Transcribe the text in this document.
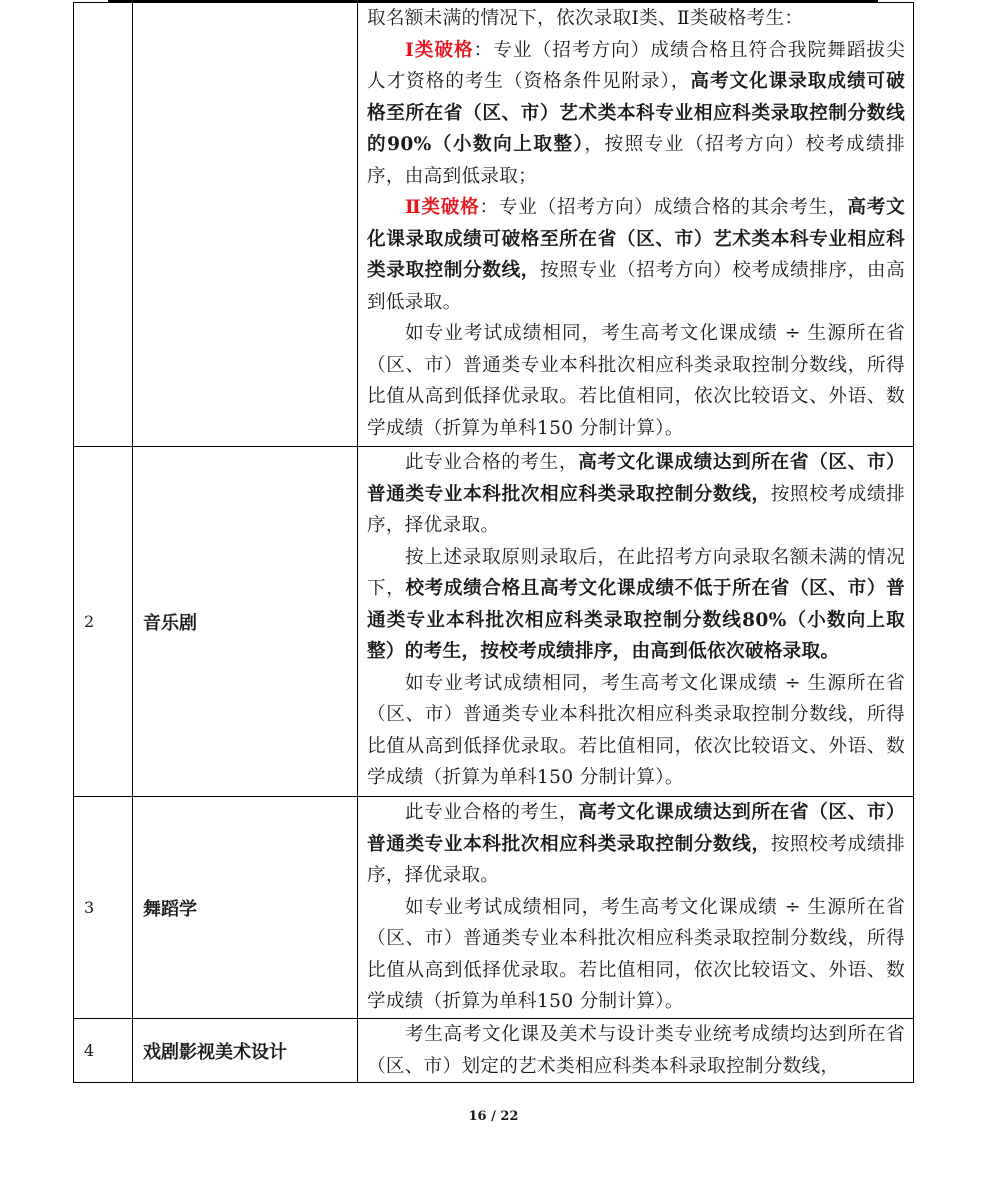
		取名额未满的情况下，依次录取Ⅰ类、Ⅱ类破格考生：

Ⅰ类破格：专业（招考方向）成绩合格且符合我院舞蹈拔尖人才资格的考生（资格条件见附录），高考文化课录取成绩可破格至所在省（区、市）艺术类本科专业相应科类录取控制分数线的90%（小数向上取整），按照专业（招考方向）校考成绩排序，由高到低录取；

Ⅱ类破格：专业（招考方向）成绩合格的其余考生，高考文化课录取成绩可破格至所在省（区、市）艺术类本科专业相应科类录取控制分数线，按照专业（招考方向）校考成绩排序，由高到低录取。

如专业考试成绩相同，考生高考文化课成绩 ÷ 生源所在省（区、市）普通类专业本科批次相应科类录取控制分数线，所得比值从高到低择优录取。若比值相同，依次比较语文、外语、数学成绩（折算为单科150 分制计算）。

2	音乐剧	此专业合格的考生，高考文化课成绩达到所在省（区、市）普通类专业本科批次相应科类录取控制分数线，按照校考成绩排序，择优录取。

按上述录取原则录取后，在此招考方向录取名额未满的情况下，校考成绩合格且高考文化课成绩不低于所在省（区、市）普通类专业本科批次相应科类录取控制分数线80%（小数向上取整）的考生，按校考成绩排序，由高到低依次破格录取。

如专业考试成绩相同，考生高考文化课成绩 ÷ 生源所在省（区、市）普通类专业本科批次相应科类录取控制分数线，所得比值从高到低择优录取。若比值相同，依次比较语文、外语、数学成绩（折算为单科150 分制计算）。

3	舞蹈学	此专业合格的考生，高考文化课成绩达到所在省（区、市）普通类专业本科批次相应科类录取控制分数线，按照校考成绩排序，择优录取。

如专业考试成绩相同，考生高考文化课成绩 ÷ 生源所在省（区、市）普通类专业本科批次相应科类录取控制分数线，所得比值从高到低择优录取。若比值相同，依次比较语文、外语、数学成绩（折算为单科150 分制计算）。

4	戏剧影视美术设计	考生高考文化课及美术与设计类专业统考成绩均达到所在省（区、市）划定的艺术类相应科类本科录取控制分数线，

16 / 22
